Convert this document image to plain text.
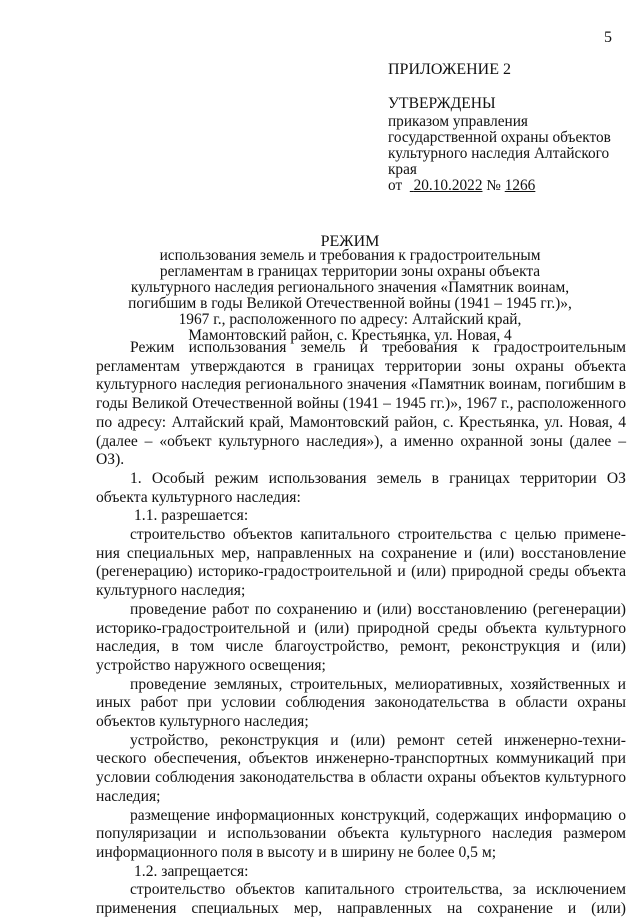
5
ПРИЛОЖЕНИЕ 2
УТВЕРЖДЕНЫ
приказом управления
государственной охраны объектов
культурного наследия Алтайского
края
от 20.10.2022 № 1266
РЕЖИМ
использования земель и требования к градостроительным
регламентам в границах территории зоны охраны объекта
культурного наследия регионального значения «Памятник воинам,
погибшим в годы Великой Отечественной войны (1941 – 1945 гг.)»,
1967 г., расположенного по адресу: Алтайский край,
Мамонтовский район, с. Крестьянка, ул. Новая, 4

Режим использования земель и требования к градостроительным регламентам утверждаются в границах территории зоны охраны объекта культурного наследия регионального значения «Памятник воинам, погибшим в годы Великой Отечественной войны (1941 – 1945 гг.)», 1967 г., расположенного по адресу: Алтайский край, Мамонтовский район, с. Крестьянка, ул. Новая, 4 (далее – «объект культурного наследия»), а именно охранной зоны (далее – ОЗ).

1. Особый режим использования земель в границах территории ОЗ объекта культурного наследия:

1.1. разрешается:

строительство объектов капитального строительства с целью примене-ния специальных мер, направленных на сохранение и (или) восстановление (регенерацию) историко-градостроительной и (или) природной среды объекта культурного наследия;

проведение работ по сохранению и (или) восстановлению (регенерации) историко-градостроительной и (или) природной среды объекта культурного наследия, в том числе благоустройство, ремонт, реконструкция и (или) устройство наружного освещения;

проведение земляных, строительных, мелиоративных, хозяйственных и иных работ при условии соблюдения законодательства в области охраны объектов культурного наследия;

устройство, реконструкция и (или) ремонт сетей инженерно-техни-ческого обеспечения, объектов инженерно-транспортных коммуникаций при условии соблюдения законодательства в области охраны объектов культурного наследия;

размещение информационных конструкций, содержащих информацию о популяризации и использовании объекта культурного наследия размером информационного поля в высоту и в ширину не более 0,5 м;

1.2. запрещается:

строительство объектов капитального строительства, за исключением применения специальных мер, направленных на сохранение и (или)
